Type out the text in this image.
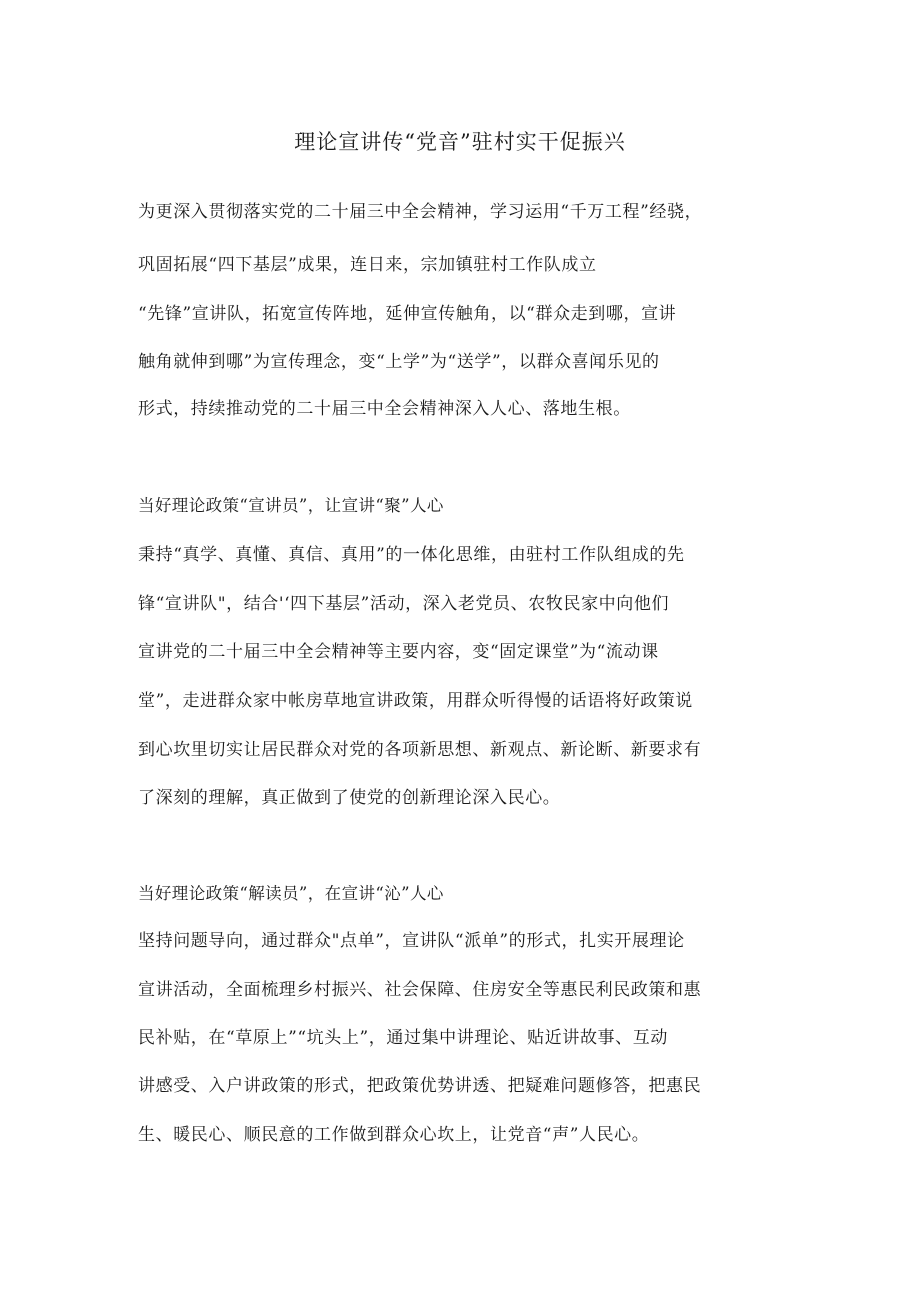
理论宣讲传“党音”驻村实干促振兴

为更深入贯彻落实党的二十届三中全会精神，学习运用“千万工程”经骁，

巩固拓展“四下基层”成果，连日来，宗加镇驻村工作队成立

“先锋”宣讲队，拓宽宣传阵地，延伸宣传触角，以“群众走到哪，宣讲

触角就伸到哪”为宣传理念，变“上学”为“送学”，以群众喜闻乐见的

形式，持续推动党的二十届三中全会精神深入人心、落地生根。

当好理论政策“宣讲员”，让宣讲“聚”人心

秉持“真学、真懂、真信、真用”的一体化思维，由驻村工作队组成的先

锋“宣讲队"，结合'‘四下基层”活动，深入老党员、农牧民家中向他们

宣讲党的二十届三中全会精神等主要内容，变“固定课堂”为“流动课

堂”，走进群众家中帐房草地宣讲政策，用群众听得慢的话语将好政策说

到心坎里切实让居民群众对党的各项新思想、新观点、新论断、新要求有

了深刻的理解，真正做到了使党的创新理论深入民心。

当好理论政策“解读员”，在宣讲“沁”人心

坚持问题导向，通过群众"点单”，宣讲队“派单”的形式，扎实开展理论

宣讲活动，全面梳理乡村振兴、社会保障、住房安全等惠民利民政策和惠

民补贴，在“草原上”“坑头上”，通过集中讲理论、贴近讲故事、互动

讲感受、入户讲政策的形式，把政策优势讲透、把疑难问题修答，把惠民

生、暖民心、顺民意的工作做到群众心坎上，让党音“声”人民心。
